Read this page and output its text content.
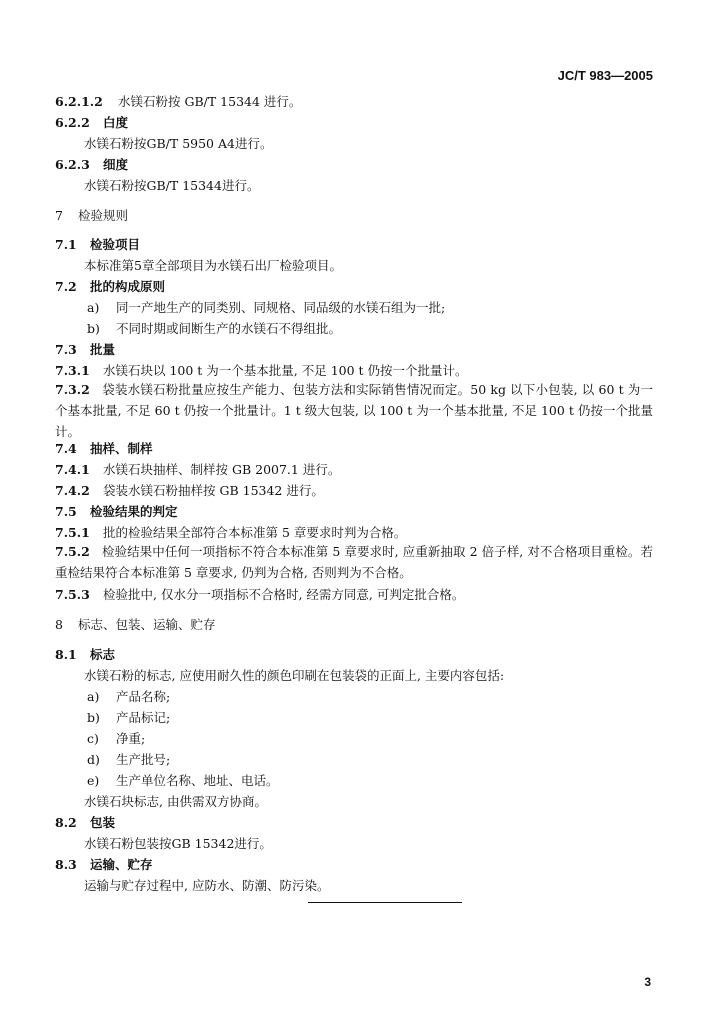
JC/T 983—2005
6.2.1.2 水镁石粉按 GB/T 15344 进行。
6.2.2 白度
水镁石粉按GB/T 5950 A4进行。
6.2.3 细度
水镁石粉按GB/T 15344进行。
7 检验规则
7.1 检验项目
本标准第5章全部项目为水镁石出厂检验项目。
7.2 批的构成原则
a) 同一产地生产的同类别、同规格、同品级的水镁石组为一批;
b) 不同时期或间断生产的水镁石不得组批。
7.3 批量
7.3.1 水镁石块以 100 t 为一个基本批量, 不足 100 t 仍按一个批量计。
7.3.2 袋装水镁石粉批量应按生产能力、包装方法和实际销售情况而定。50 kg 以下小包装, 以 60 t 为一个基本批量, 不足 60 t 仍按一个批量计。1 t 级大包装, 以 100 t 为一个基本批量, 不足 100 t 仍按一个批量计。
7.4 抽样、制样
7.4.1 水镁石块抽样、制样按 GB 2007.1 进行。
7.4.2 袋装水镁石粉抽样按 GB 15342 进行。
7.5 检验结果的判定
7.5.1 批的检验结果全部符合本标准第 5 章要求时判为合格。
7.5.2 检验结果中任何一项指标不符合本标准第 5 章要求时, 应重新抽取 2 倍子样, 对不合格项目重检。若重检结果符合本标准第 5 章要求, 仍判为合格, 否则判为不合格。
7.5.3 检验批中, 仅水分一项指标不合格时, 经需方同意, 可判定批合格。
8 标志、包装、运输、贮存
8.1 标志
水镁石粉的标志, 应使用耐久性的颜色印刷在包装袋的正面上, 主要内容包括:
a) 产品名称;
b) 产品标记;
c) 净重;
d) 生产批号;
e) 生产单位名称、地址、电话。
水镁石块标志, 由供需双方协商。
8.2 包装
水镁石粉包装按GB 15342进行。
8.3 运输、贮存
运输与贮存过程中, 应防水、防潮、防污染。
3
